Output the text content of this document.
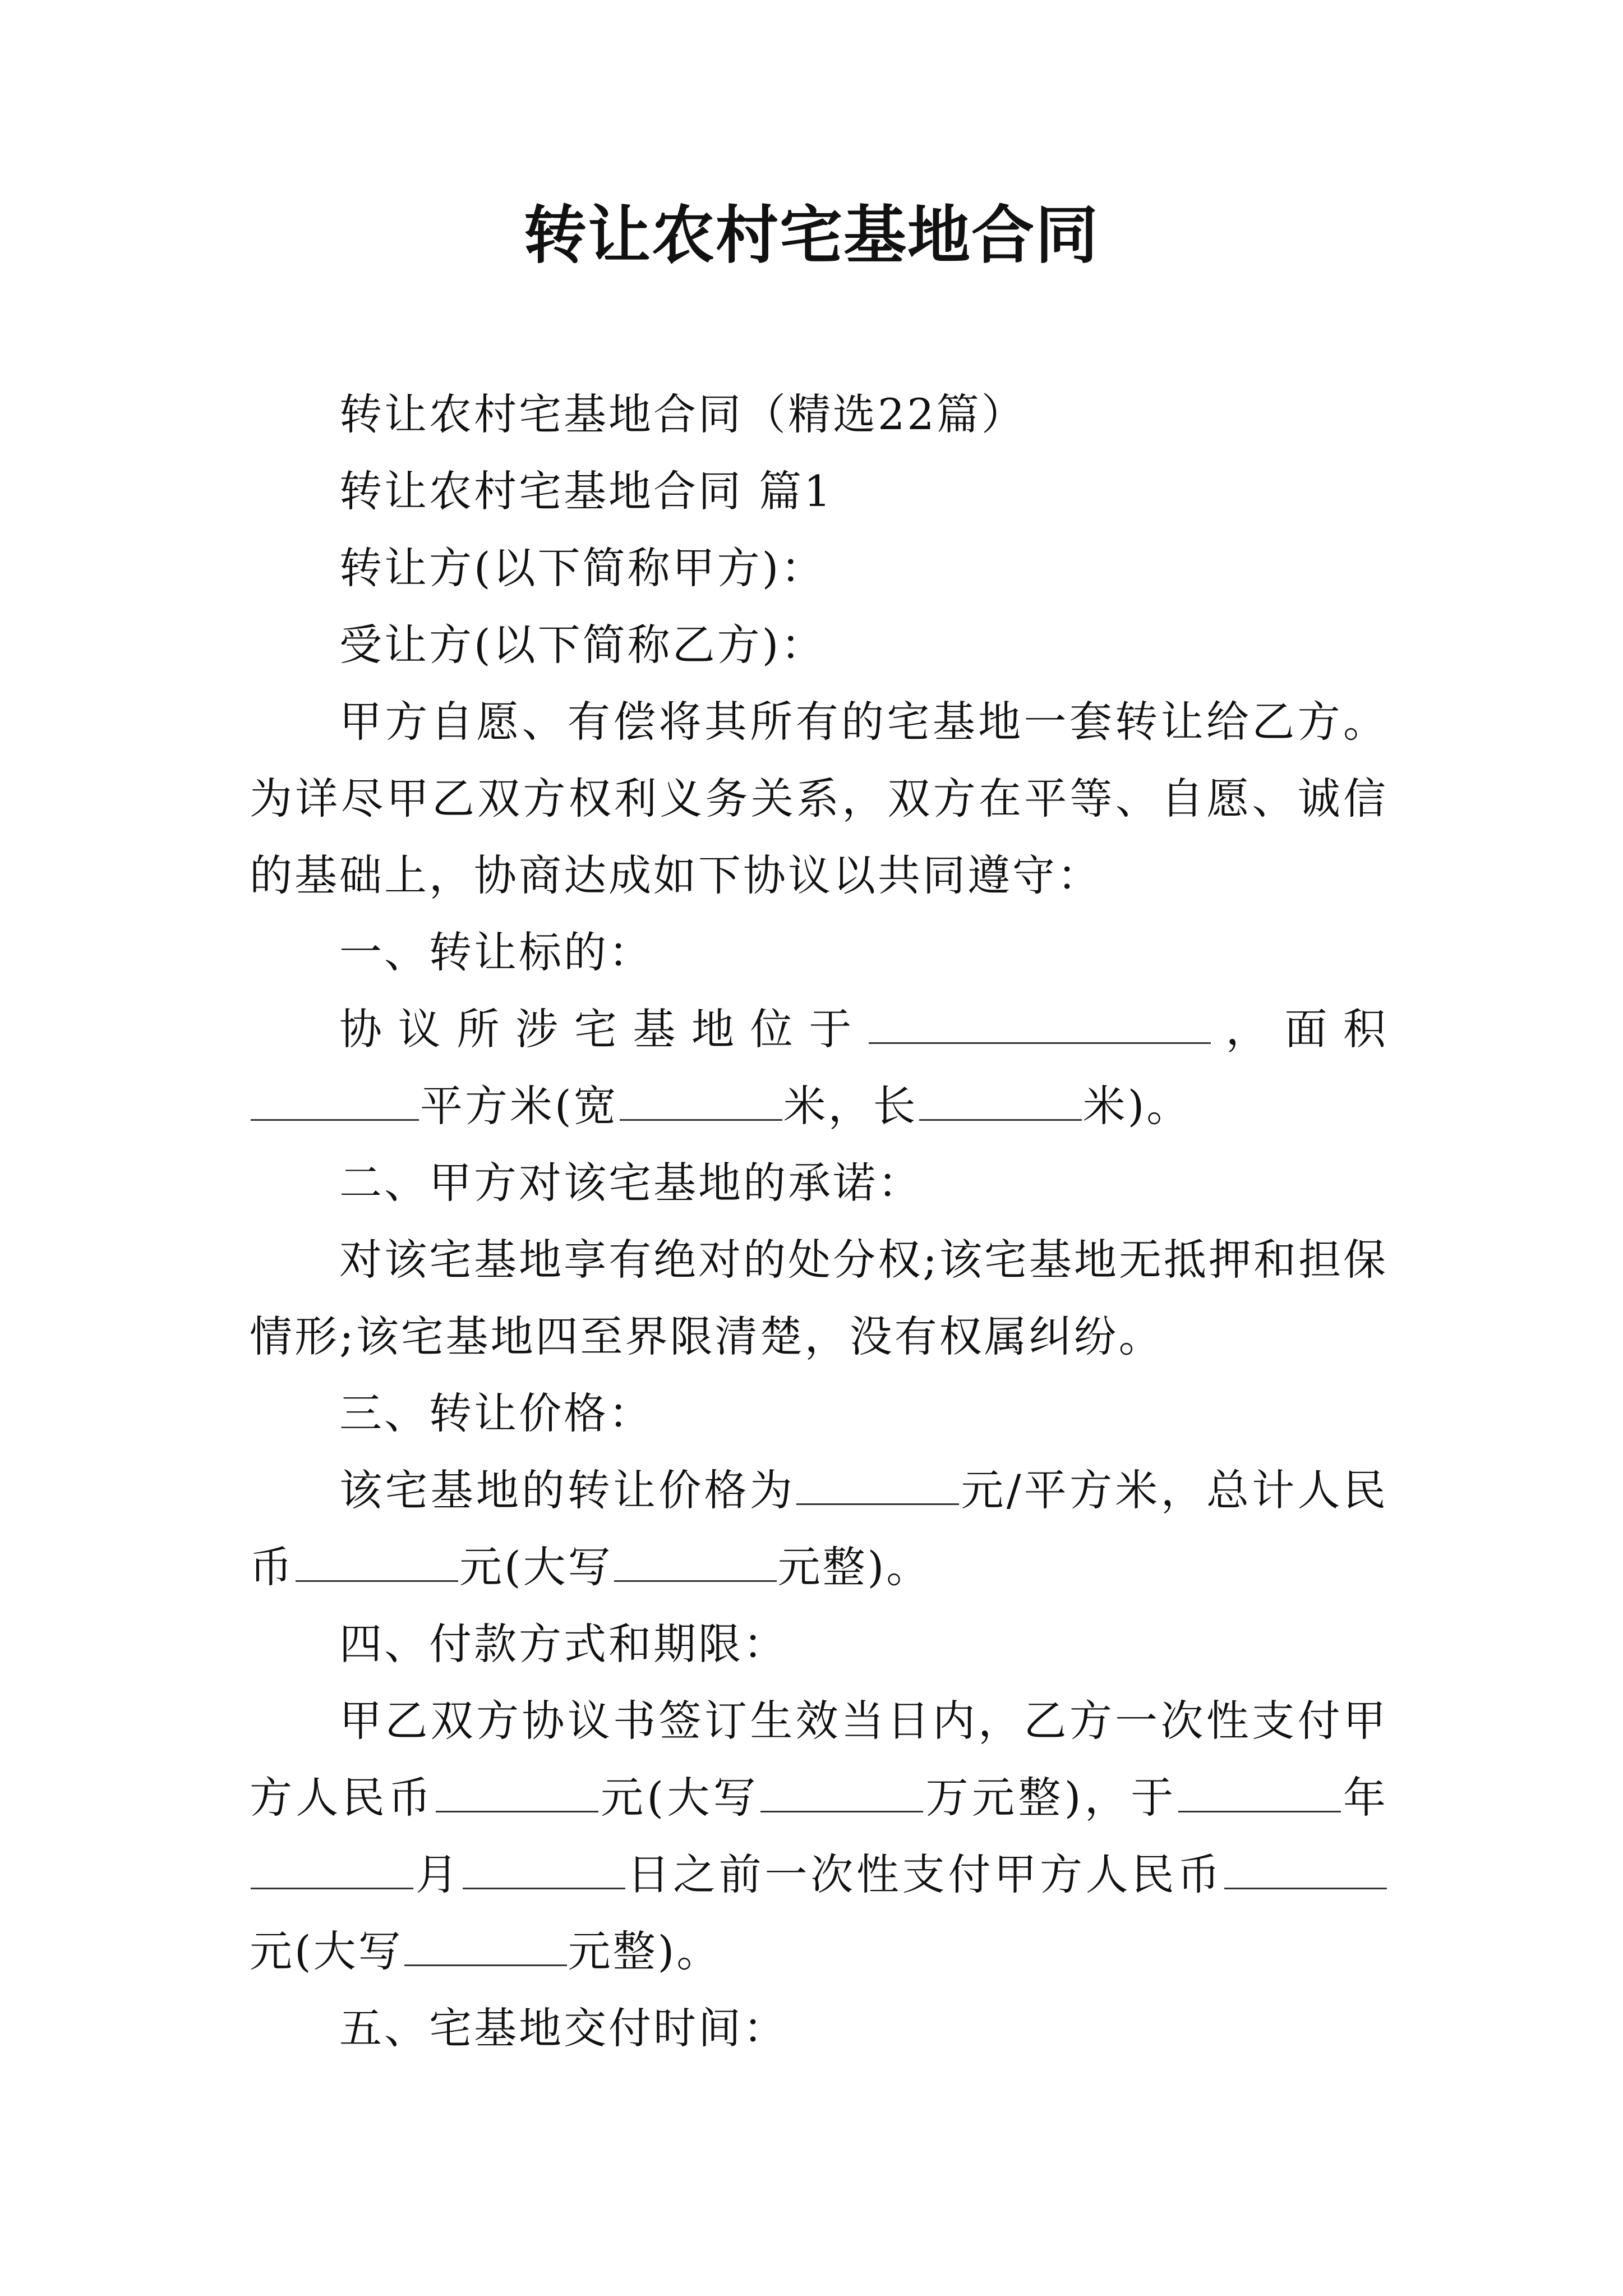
转让农村宅基地合同

转让农村宅基地合同（精选22篇）

转让农村宅基地合同 篇1

转让方(以下简称甲方)：

受让方(以下简称乙方)：

甲方自愿、有偿将其所有的宅基地一套转让给乙方。为详尽甲乙双方权利义务关系，双方在平等、自愿、诚信的基础上，协商达成如下协议以共同遵守：

一、转让标的：

协议所涉宅基地位于	，面积平方米(宽	米，长	米)。

二、甲方对该宅基地的承诺：

对该宅基地享有绝对的处分权;该宅基地无抵押和担保情形;该宅基地四至界限清楚，没有权属纠纷。

三、转让价格：

该宅基地的转让价格为	元/平方米，总计人民币	元(大写	元整)。

四、付款方式和期限：

甲乙双方协议书签订生效当日内，乙方一次性支付甲方人民币	元(大写	万元整)，于	年月	日之前一次性支付甲方人民币元(大写	元整)。

五、宅基地交付时间：
